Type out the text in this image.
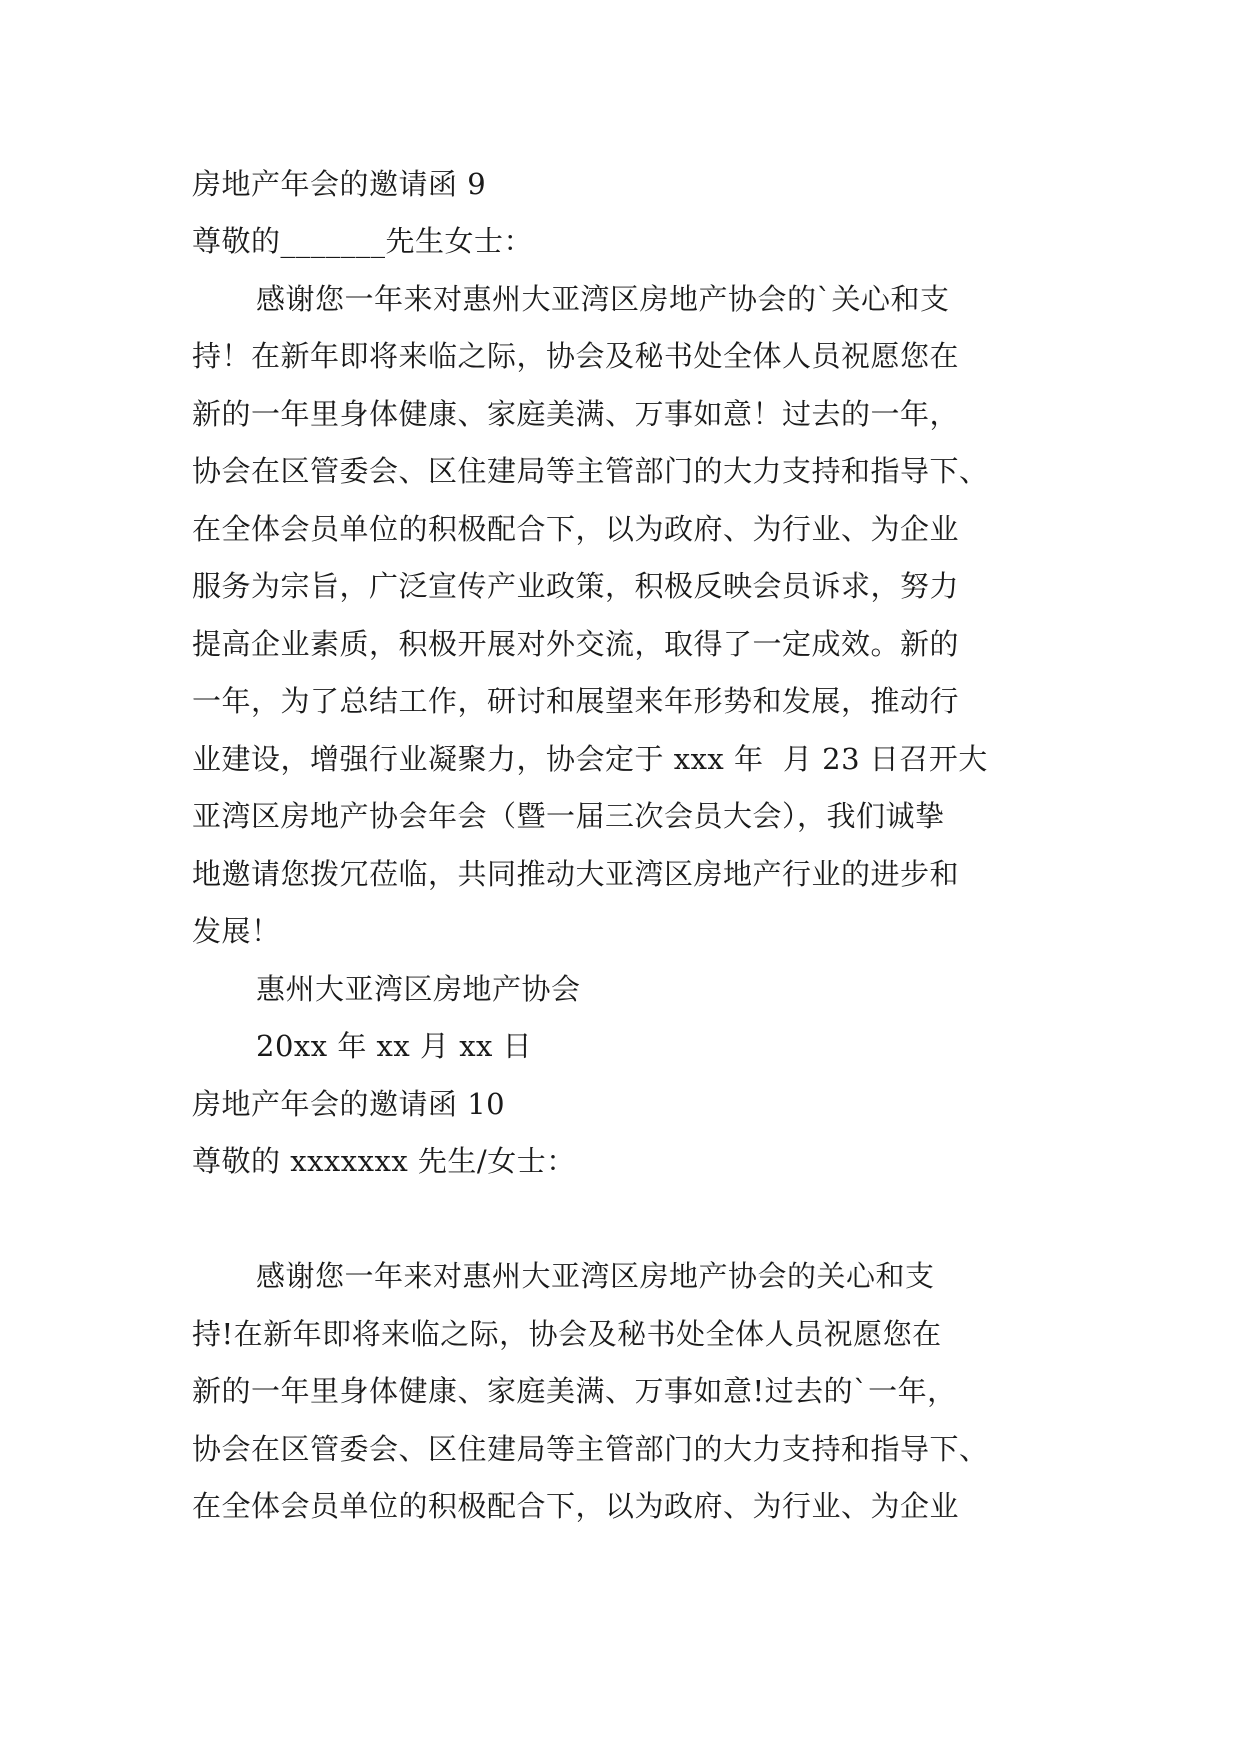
房地产年会的邀请函 9
尊敬的_______先生女士：
感谢您一年来对惠州大亚湾区房地产协会的`关心和支
持！在新年即将来临之际，协会及秘书处全体人员祝愿您在
新的一年里身体健康、家庭美满、万事如意！过去的一年，
协会在区管委会、区住建局等主管部门的大力支持和指导下、
在全体会员单位的积极配合下，以为政府、为行业、为企业
服务为宗旨，广泛宣传产业政策，积极反映会员诉求，努力
提高企业素质，积极开展对外交流，取得了一定成效。新的
一年，为了总结工作，研讨和展望来年形势和发展，推动行
业建设，增强行业凝聚力，协会定于 xxx 年  月 23 日召开大
亚湾区房地产协会年会（暨一届三次会员大会），我们诚挚
地邀请您拨冗莅临，共同推动大亚湾区房地产行业的进步和
发展！
惠州大亚湾区房地产协会
20xx 年 xx 月 xx 日
房地产年会的邀请函 10
尊敬的 xxxxxxx 先生/女士：
感谢您一年来对惠州大亚湾区房地产协会的关心和支
持!在新年即将来临之际，协会及秘书处全体人员祝愿您在
新的一年里身体健康、家庭美满、万事如意!过去的`一年，
协会在区管委会、区住建局等主管部门的大力支持和指导下、
在全体会员单位的积极配合下，以为政府、为行业、为企业
